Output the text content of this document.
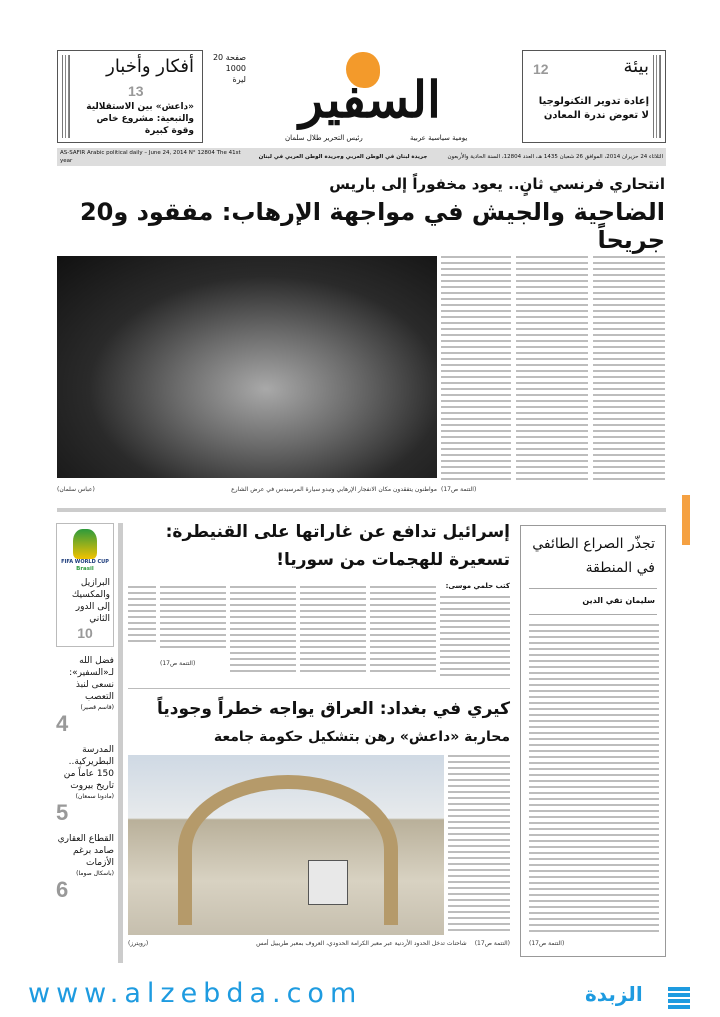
أفكار وأخبار
13
«داعش» بين الاستقلالية والتبعية: مشروع خاص وقوة كبيرة
20 صفحة
1000 ليرة	السفير
رئيس التحرير طلال سلمان	يومية سياسية عربية
بيئة
12
إعادة تدوير التكنولوجيا لا تعوض ندرة المعادن
AS-SAFIR Arabic political daily – June 24, 2014 N° 12804 The 41st year
جريدة لبنان في الوطن العربي وجريدة الوطن العربي في لبنان	الثلاثاء 24 حزيران 2014، الموافق 26 شعبان 1435 هـ، العدد 12804، السنة الحادية والأربعون
انتحاري فرنسي ثانٍ.. يعود مخفوراً إلى باريس
الضاحية والجيش في مواجهة الإرهاب: مفقود و20 جريحاً
(عباس سلمان)	مواطنون يتفقدون مكان الانفجار الإرهابي وتبدو سيارة المرسيدس في عرض الشارع (التتمة ص17)
FIFA WORLD CUP
Brasil
البرازيل والمكسيك إلى الدور الثاني
10
فضل الله لـ«السفير»: نسعى لنبذ التعصب
(قاسم قصير)
4
المدرسة البطريركية.. 150 عاماً من تاريخ بيروت
(مادونا سمعان)
5
القطاع العقاري صامد برغم الأزمات
(باسكال صوما)
6
إسرائيل تدافع عن غاراتها على القنيطرة:
تسعيرة للهجمات من سوريا!
كتب حلمي موسى:
(التتمة ص17)
كيري في بغداد: العراق يواجه خطراً وجودياً
محاربة «داعش» رهن بتشكيل حكومة جامعة
(رويترز)	شاحنات تدخل الحدود الأردنية عبر معبر الكرامة الحدودي، العروف بمعبر طريبيل أمس (التتمة ص17)
تجذّر الصراع الطائفي في المنطقة
سليمان تقي الدين
(التتمة ص17)
www.alzebda.com	الزبدة
